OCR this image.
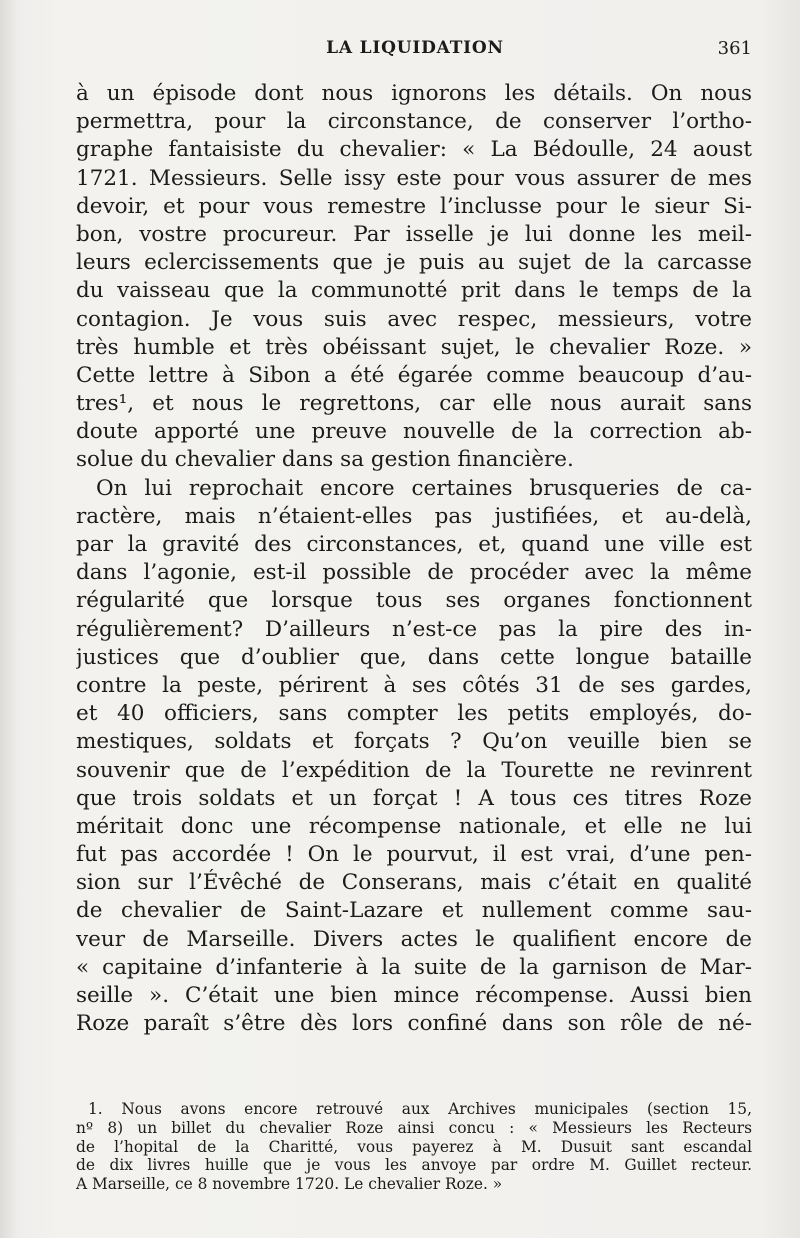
LA LIQUIDATION	361
à un épisode dont nous ignorons les détails. On nous
permettra, pour la circonstance, de conserver l’ortho-
graphe fantaisiste du chevalier: « La Bédoulle, 24 aoust
1721. Messieurs. Selle issy este pour vous assurer de mes
devoir, et pour vous remestre l’inclusse pour le sieur Si-
bon, vostre procureur. Par isselle je lui donne les meil-
leurs eclercissements que je puis au sujet de la carcasse
du vaisseau que la communotté prit dans le temps de la
contagion. Je vous suis avec respec, messieurs, votre
très humble et très obéissant sujet, le chevalier Roze. »
Cette lettre à Sibon a été égarée comme beaucoup d’au-
tres¹, et nous le regrettons, car elle nous aurait sans
doute apporté une preuve nouvelle de la correction ab-
solue du chevalier dans sa gestion financière.
On lui reprochait encore certaines brusqueries de ca-
ractère, mais n’étaient-elles pas justifiées, et au-delà,
par la gravité des circonstances, et, quand une ville est
dans l’agonie, est-il possible de procéder avec la même
régularité que lorsque tous ses organes fonctionnent
régulièrement? D’ailleurs n’est-ce pas la pire des in-
justices que d’oublier que, dans cette longue bataille
contre la peste, périrent à ses côtés 31 de ses gardes,
et 40 officiers, sans compter les petits employés, do-
mestiques, soldats et forçats ? Qu’on veuille bien se
souvenir que de l’expédition de la Tourette ne revinrent
que trois soldats et un forçat ! A tous ces titres Roze
méritait donc une récompense nationale, et elle ne lui
fut pas accordée ! On le pourvut, il est vrai, d’une pen-
sion sur l’Évêché de Conserans, mais c’était en qualité
de chevalier de Saint-Lazare et nullement comme sau-
veur de Marseille. Divers actes le qualifient encore de
« capitaine d’infanterie à la suite de la garnison de Mar-
seille ». C’était une bien mince récompense. Aussi bien
Roze paraît s’être dès lors confiné dans son rôle de né-
1. Nous avons encore retrouvé aux Archives municipales (section 15,
nº 8) un billet du chevalier Roze ainsi concu : « Messieurs les Recteurs
de l’hopital de la Charitté, vous payerez à M. Dusuit sant escandal
de dix livres huille que je vous les anvoye par ordre M. Guillet recteur.
A Marseille, ce 8 novembre 1720. Le chevalier Roze. »
